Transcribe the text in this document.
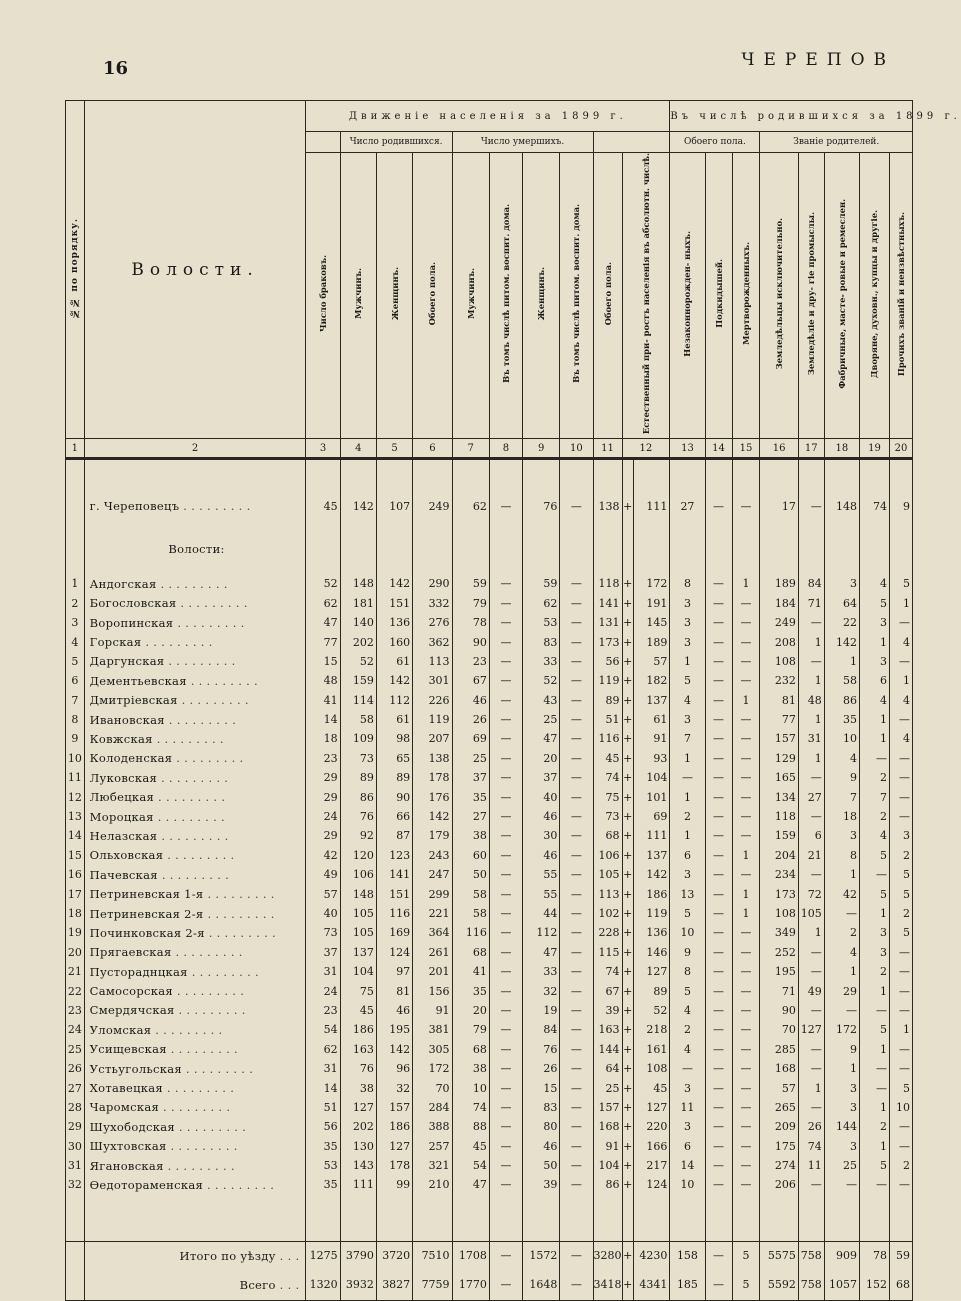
16	ЧЕРЕПОВ
№№ по порядку.	Волости.	Движеніе населенія за 1899 г.											Въ числѣ родившихся за 1899 г.							
			Число родившихся.			Число умершихъ.							Обоего пола.			Званіе родителей.				
		Число браковъ.	Мужчинъ.	Женщинъ.	Обоего пола.	Мужчинъ.	Въ томъ числѣ питом. воспит. дома.	Женщинъ.	Въ томъ числѣ питом. воспит. дома.	Обоего пола.	Естественный при- ростъ населенія въ абсолютн. числѣ.		Незаконнорожден- ныхъ.	Подкидышей.	Мертворожденныхъ.	Земледѣльцы исключительно.	Земледѣліе и дру- гіе промыслы.	Фабричные, масте- ровые и ремеслен.	Дворяне, духовн., купцы и другіе.	Прочихъ званій и неизвѣстныхъ.
1	2	3	4	5	6	7	8	9	10	11	12		13	14	15	16	17	18	19	20

	г. Череповецъ . . .	45	142	107	249	62	—	76	—	138	+	111	27	—	—	17	—	148	74	9

	Волости:																			

1	Андогская . . .	52	148	142	290	59	—	59	—	118	+	172	8	—	1	189	84	3	4	5
2	Богословская . . .	62	181	151	332	79	—	62	—	141	+	191	3	—	—	184	71	64	5	1
3	Воропинская . . .	47	140	136	276	78	—	53	—	131	+	145	3	—	—	249	—	22	3	—
4	Горская . . .	77	202	160	362	90	—	83	—	173	+	189	3	—	—	208	1	142	1	4
5	Даргунская . . .	15	52	61	113	23	—	33	—	56	+	57	1	—	—	108	—	1	3	—
6	Дементьевская . . .	48	159	142	301	67	—	52	—	119	+	182	5	—	—	232	1	58	6	1
7	Дмитріевская . . .	41	114	112	226	46	—	43	—	89	+	137	4	—	1	81	48	86	4	4
8	Ивановская . . .	14	58	61	119	26	—	25	—	51	+	61	3	—	—	77	1	35	1	—
9	Ковжская . . .	18	109	98	207	69	—	47	—	116	+	91	7	—	—	157	31	10	1	4
10	Колоденская . . .	23	73	65	138	25	—	20	—	45	+	93	1	—	—	129	1	4	—	—
11	Луковская . . .	29	89	89	178	37	—	37	—	74	+	104	—	—	—	165	—	9	2	—
12	Любецкая . . .	29	86	90	176	35	—	40	—	75	+	101	1	—	—	134	27	7	7	—
13	Мороцкая . . .	24	76	66	142	27	—	46	—	73	+	69	2	—	—	118	—	18	2	—
14	Нелазская . . .	29	92	87	179	38	—	30	—	68	+	111	1	—	—	159	6	3	4	3
15	Ольховская . . .	42	120	123	243	60	—	46	—	106	+	137	6	—	1	204	21	8	5	2
16	Пачевская . . .	49	106	141	247	50	—	55	—	105	+	142	3	—	—	234	—	1	—	5
17	Петриневская 1-я . . .	57	148	151	299	58	—	55	—	113	+	186	13	—	1	173	72	42	5	5
18	Петриневская 2-я . . .	40	105	116	221	58	—	44	—	102	+	119	5	—	1	108	105	—	1	2
19	Починковская 2-я . . .	73	105	169	364	116	—	112	—	228	+	136	10	—	—	349	1	2	3	5
20	Прягаевская . . .	37	137	124	261	68	—	47	—	115	+	146	9	—	—	252	—	4	3	—
21	Пустораднцкая . . .	31	104	97	201	41	—	33	—	74	+	127	8	—	—	195	—	1	2	—
22	Самосорская . . .	24	75	81	156	35	—	32	—	67	+	89	5	—	—	71	49	29	1	—
23	Смердячская . . .	23	45	46	91	20	—	19	—	39	+	52	4	—	—	90	—	—	—	—
24	Уломская . . .	54	186	195	381	79	—	84	—	163	+	218	2	—	—	70	127	172	5	1
25	Усищевская . . .	62	163	142	305	68	—	76	—	144	+	161	4	—	—	285	—	9	1	—
26	Устьугольская . . .	31	76	96	172	38	—	26	—	64	+	108	—	—	—	168	—	1	—	—
27	Хотавецкая . . .	14	38	32	70	10	—	15	—	25	+	45	3	—	—	57	1	3	—	5
28	Чаромская . . .	51	127	157	284	74	—	83	—	157	+	127	11	—	—	265	—	3	1	10
29	Шухободская . . .	56	202	186	388	88	—	80	—	168	+	220	3	—	—	209	26	144	2	—
30	Шухтовская . . .	35	130	127	257	45	—	46	—	91	+	166	6	—	—	175	74	3	1	—
31	Ягановская . . .	53	143	178	321	54	—	50	—	104	+	217	14	—	—	274	11	25	5	2
32	Өедотораменская . . .	35	111	99	210	47	—	39	—	86	+	124	10	—	—	206	—	—	—	—

	Итого по уѣзду . . .	1275	3790	3720	7510	1708	—	1572	—	3280	+	4230	158	—	5	5575	758	909	78	59
	Всего . . .	1320	3932	3827	7759	1770	—	1648	—	3418	+	4341	185	—	5	5592	758	1057	152	68
